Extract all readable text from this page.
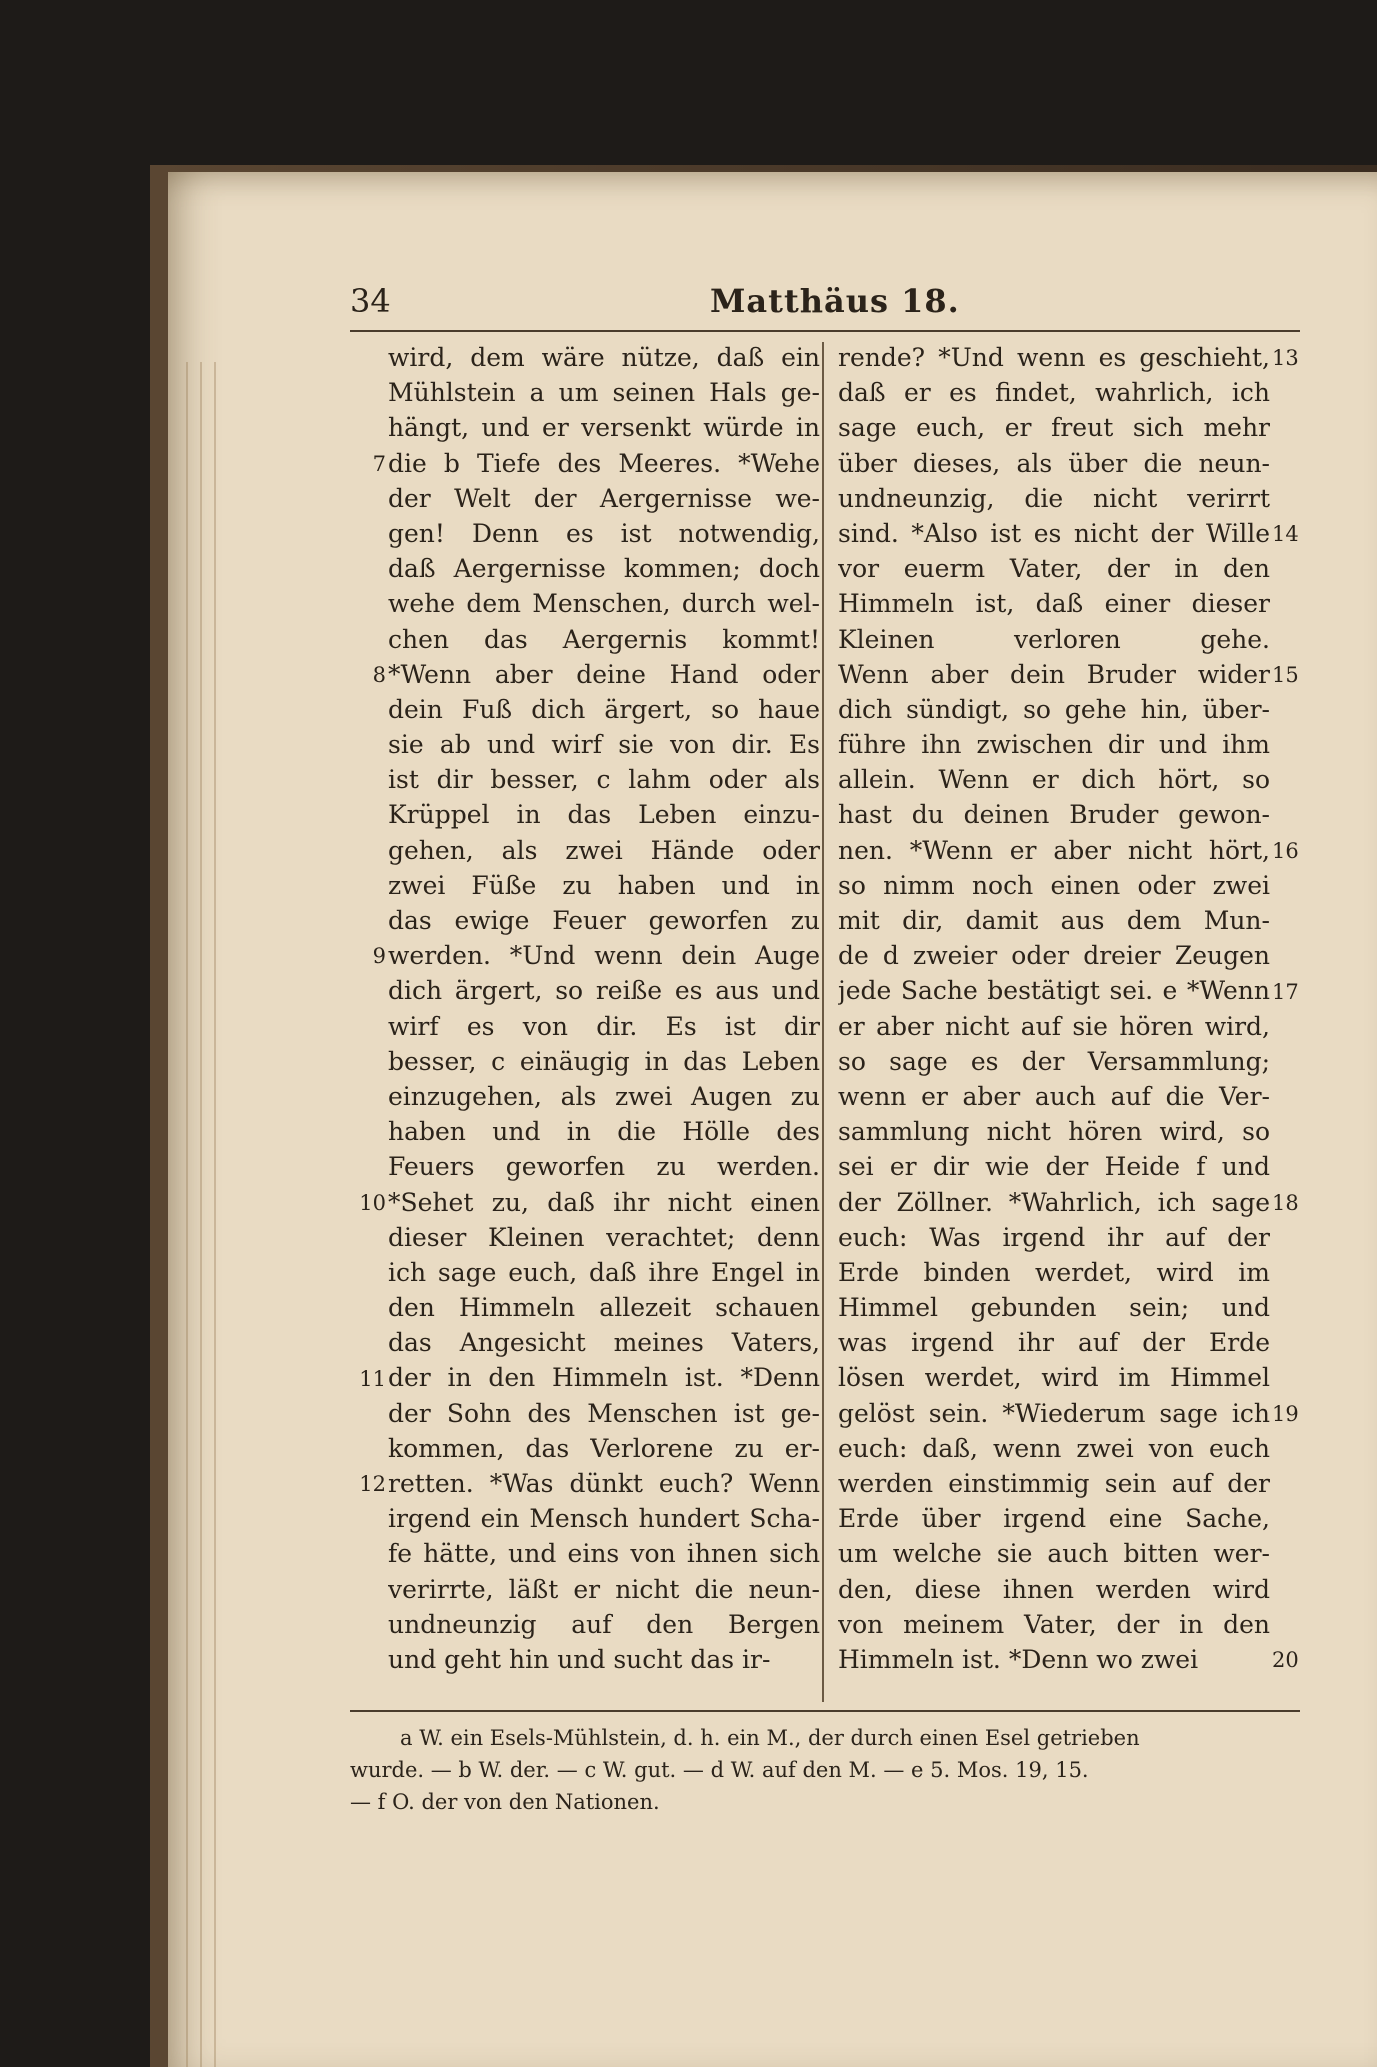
34	Matthäus 18.
wird, dem wäre nütze, daß ein
Mühlstein a um seinen Hals ge-
hängt, und er versenkt würde in
die b Tiefe des Meeres. *Wehe
der Welt der Aergernisse we-
gen! Denn es ist notwendig,
daß Aergernisse kommen; doch
wehe dem Menschen, durch wel-
chen das Aergernis kommt!
*Wenn aber deine Hand oder
dein Fuß dich ärgert, so haue
sie ab und wirf sie von dir. Es
ist dir besser, c lahm oder als
Krüppel in das Leben einzu-
gehen, als zwei Hände oder
zwei Füße zu haben und in
das ewige Feuer geworfen zu
werden. *Und wenn dein Auge
dich ärgert, so reiße es aus und
wirf es von dir. Es ist dir
besser, c einäugig in das Leben
einzugehen, als zwei Augen zu
haben und in die Hölle des
Feuers geworfen zu werden.
*Sehet zu, daß ihr nicht einen
dieser Kleinen verachtet; denn
ich sage euch, daß ihre Engel in
den Himmeln allezeit schauen
das Angesicht meines Vaters,
der in den Himmeln ist. *Denn
der Sohn des Menschen ist ge-
kommen, das Verlorene zu er-
retten. *Was dünkt euch? Wenn
irgend ein Mensch hundert Scha-
fe hätte, und eins von ihnen sich
verirrte, läßt er nicht die neun-
undneunzig auf den Bergen
und geht hin und sucht das ir-
rende? *Und wenn es geschieht,
daß er es findet, wahrlich, ich
sage euch, er freut sich mehr
über dieses, als über die neun-
undneunzig, die nicht verirrt
sind. *Also ist es nicht der Wille
vor euerm Vater, der in den
Himmeln ist, daß einer dieser
Kleinen verloren gehe.
Wenn aber dein Bruder wider
dich sündigt, so gehe hin, über-
führe ihn zwischen dir und ihm
allein. Wenn er dich hört, so
hast du deinen Bruder gewon-
nen. *Wenn er aber nicht hört,
so nimm noch einen oder zwei
mit dir, damit aus dem Mun-
de d zweier oder dreier Zeugen
jede Sache bestätigt sei. e *Wenn
er aber nicht auf sie hören wird,
so sage es der Versammlung;
wenn er aber auch auf die Ver-
sammlung nicht hören wird, so
sei er dir wie der Heide f und
der Zöllner. *Wahrlich, ich sage
euch: Was irgend ihr auf der
Erde binden werdet, wird im
Himmel gebunden sein; und
was irgend ihr auf der Erde
lösen werdet, wird im Himmel
gelöst sein. *Wiederum sage ich
euch: daß, wenn zwei von euch
werden einstimmig sein auf der
Erde über irgend eine Sache,
um welche sie auch bitten wer-
den, diese ihnen werden wird
von meinem Vater, der in den
Himmeln ist. *Denn wo zwei
7
8
9
10
11
12
13
14
15
16
17
18
19
20
a W. ein Esels-Mühlstein, d. h. ein M., der durch einen Esel getrieben
wurde. — b W. der. — c W. gut. — d W. auf den M. — e 5. Mos. 19, 15.
— f O. der von den Nationen.
